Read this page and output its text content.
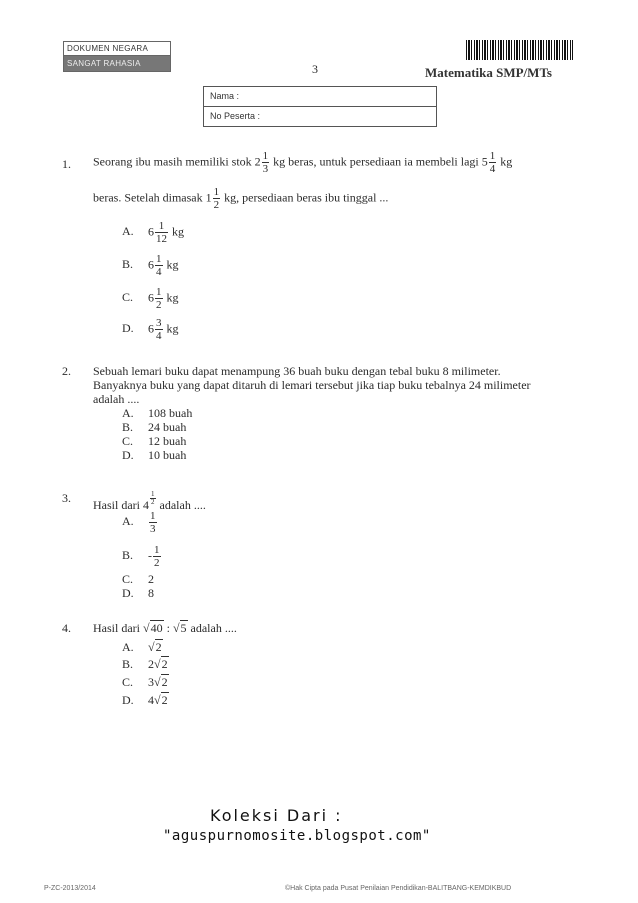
DOKUMEN NEGARA
SANGAT RAHASIA	3	Matematika SMP/MTs
Nama :
No Peserta :
1. Seorang ibu masih memiliki stok $2 \frac{1}{3}$ kg beras, untuk persediaan ia membeli lagi $5 \frac{1}{4}$ kg
beras. Setelah dimasak $1 \frac{1}{2}$ kg, persediaan beras ibu tinggal ...
A. $6 \frac{1}{12}$ kg
B. $6 \frac{1}{4}$ kg
C. $6 \frac{1}{2}$ kg
D. $6 \frac{3}{4}$ kg
2. Sebuah lemari buku dapat menampung 36 buah buku dengan tebal buku 8 milimeter.
Banyaknya buku yang dapat ditaruh di lemari tersebut jika tiap buku tebalnya 24 milimeter
adalah ....
A. 108 buah
B. 24 buah
C. 12 buah
D. 10 buah
3. Hasil dari $4 \frac{1}{2}$ adalah ....
A. $\frac{1}{3}$
B. - $\frac{1}{2}$
C. 2
D. 8
4. Hasil dari √40 : √5 adalah ....
A. √2
B. 2√2
C. 3√2
D. 4√2
Koleksi Dari :
"aguspurnomosite.blogspot.com"
P-ZC-2013/2014	©Hak Cipta pada Pusat Penilaian Pendidikan-BALITBANG-KEMDIKBUD
